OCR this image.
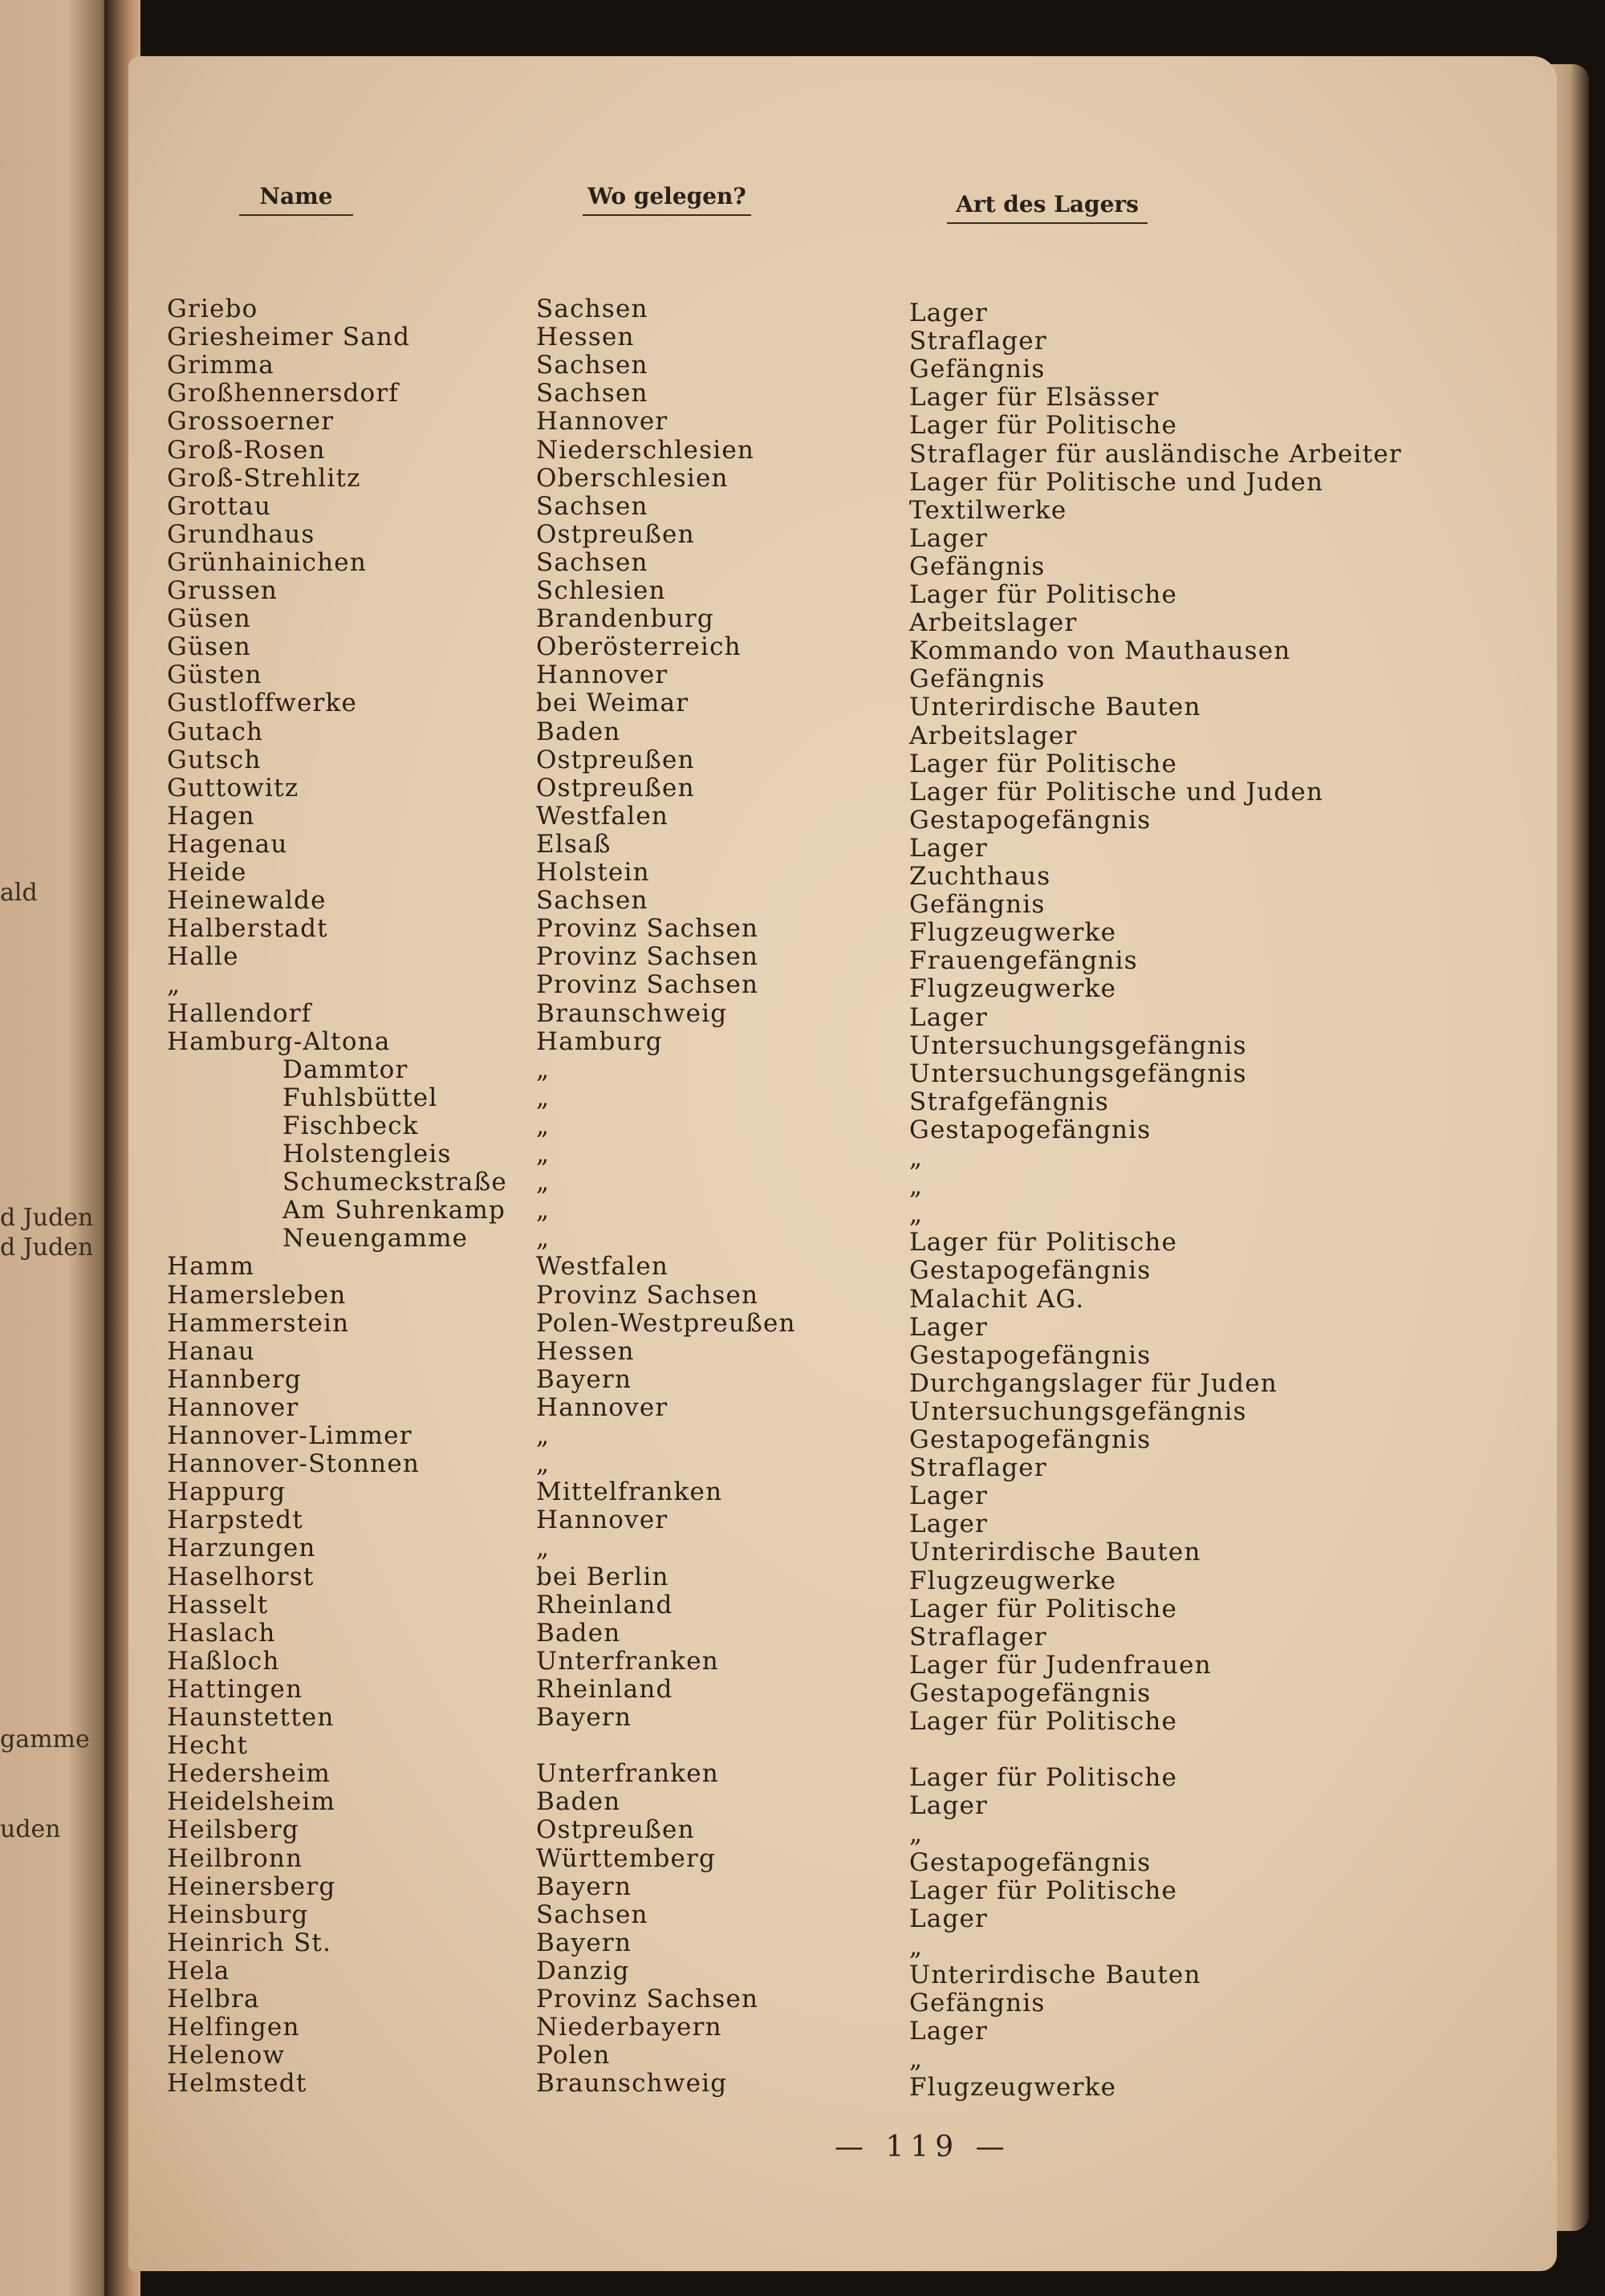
ald
d Juden
d Juden
gamme
uden
Name	Wo gelegen?	Art des Lagers
Griebo
Griesheimer Sand
Grimma
Großhennersdorf
Grossoerner
Groß-Rosen
Groß-Strehlitz
Grottau
Grundhaus
Grünhainichen
Grussen
Güsen
Güsen
Güsten
Gustloffwerke
Gutach
Gutsch
Guttowitz
Hagen
Hagenau
Heide
Heinewalde
Halberstadt
Halle
„
Hallendorf
Hamburg-Altona
Dammtor
Fuhlsbüttel
Fischbeck
Holstengleis
Schumeckstraße
Am Suhrenkamp
Neuengamme
Hamm
Hamersleben
Hammerstein
Hanau
Hannberg
Hannover
Hannover-Limmer
Hannover-Stonnen
Happurg
Harpstedt
Harzungen
Haselhorst
Hasselt
Haslach
Haßloch
Hattingen
Haunstetten
Hecht
Hedersheim
Heidelsheim
Heilsberg
Heilbronn
Heinersberg
Heinsburg
Heinrich St.
Hela
Helbra
Helfingen
Helenow
Helmstedt
Sachsen
Hessen
Sachsen
Sachsen
Hannover
Niederschlesien
Oberschlesien
Sachsen
Ostpreußen
Sachsen
Schlesien
Brandenburg
Oberösterreich
Hannover
bei Weimar
Baden
Ostpreußen
Ostpreußen
Westfalen
Elsaß
Holstein
Sachsen
Provinz Sachsen
Provinz Sachsen
Provinz Sachsen
Braunschweig
Hamburg
„
„
„
„
„
„
„
Westfalen
Provinz Sachsen
Polen-Westpreußen
Hessen
Bayern
Hannover
„
„
Mittelfranken
Hannover
„
bei Berlin
Rheinland
Baden
Unterfranken
Rheinland
Bayern
Unterfranken
Baden
Ostpreußen
Württemberg
Bayern
Sachsen
Bayern
Danzig
Provinz Sachsen
Niederbayern
Polen
Braunschweig
Lager
Straflager
Gefängnis
Lager für Elsässer
Lager für Politische
Straflager für ausländische Arbeiter
Lager für Politische und Juden
Textilwerke
Lager
Gefängnis
Lager für Politische
Arbeitslager
Kommando von Mauthausen
Gefängnis
Unterirdische Bauten
Arbeitslager
Lager für Politische
Lager für Politische und Juden
Gestapogefängnis
Lager
Zuchthaus
Gefängnis
Flugzeugwerke
Frauengefängnis
Flugzeugwerke
Lager
Untersuchungsgefängnis
Untersuchungsgefängnis
Strafgefängnis
Gestapogefängnis
„
„
„
Lager für Politische
Gestapogefängnis
Malachit AG.
Lager
Gestapogefängnis
Durchgangslager für Juden
Untersuchungsgefängnis
Gestapogefängnis
Straflager
Lager
Lager
Unterirdische Bauten
Flugzeugwerke
Lager für Politische
Straflager
Lager für Judenfrauen
Gestapogefängnis
Lager für Politische
Lager für Politische
Lager
„
Gestapogefängnis
Lager für Politische
Lager
„
Unterirdische Bauten
Gefängnis
Lager
„
Flugzeugwerke
— 119 —
